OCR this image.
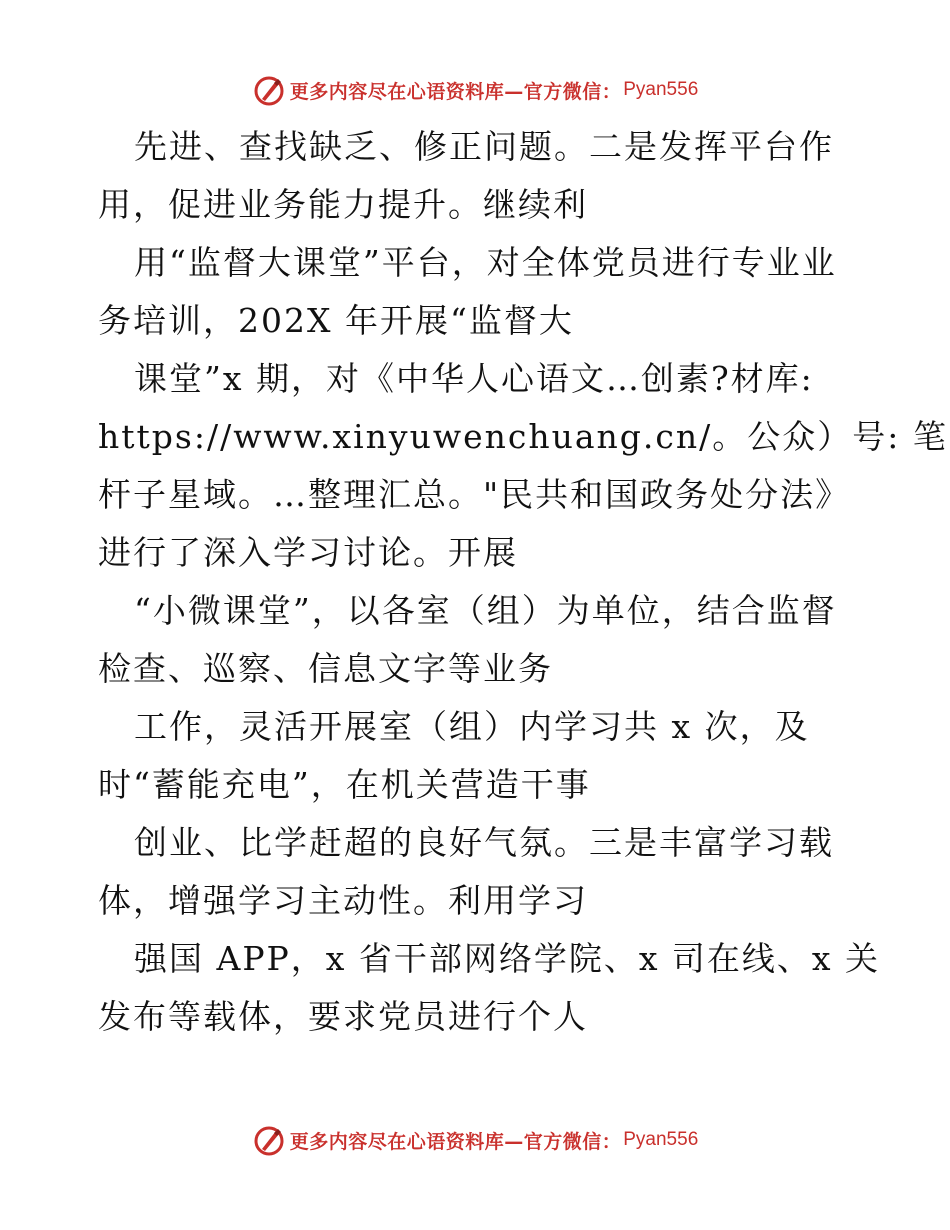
更多内容尽在心语资料库—官方微信： Pyan556
先进、查找缺乏、修正问题。二是发挥平台作
用，促进业务能力提升。继续利
用“监督大课堂”平台，对全体党员进行专业业
务培训，202X 年开展“监督大
课堂”x 期，对《中华人心语文…创素?材库:
https://www.xinyuwenchuang.cn/。公众）号: 笔
杆子星域。…整理汇总。"民共和国政务处分法》
进行了深入学习讨论。开展
“小微课堂”，以各室（组）为单位，结合监督
检查、巡察、信息文字等业务
工作，灵活开展室（组）内学习共 x 次，及
时“蓄能充电”，在机关营造干事
创业、比学赶超的良好气氛。三是丰富学习载
体，增强学习主动性。利用学习
强国 APP，x 省干部网络学院、x 司在线、x 关
发布等载体，要求党员进行个人
更多内容尽在心语资料库—官方微信： Pyan556
